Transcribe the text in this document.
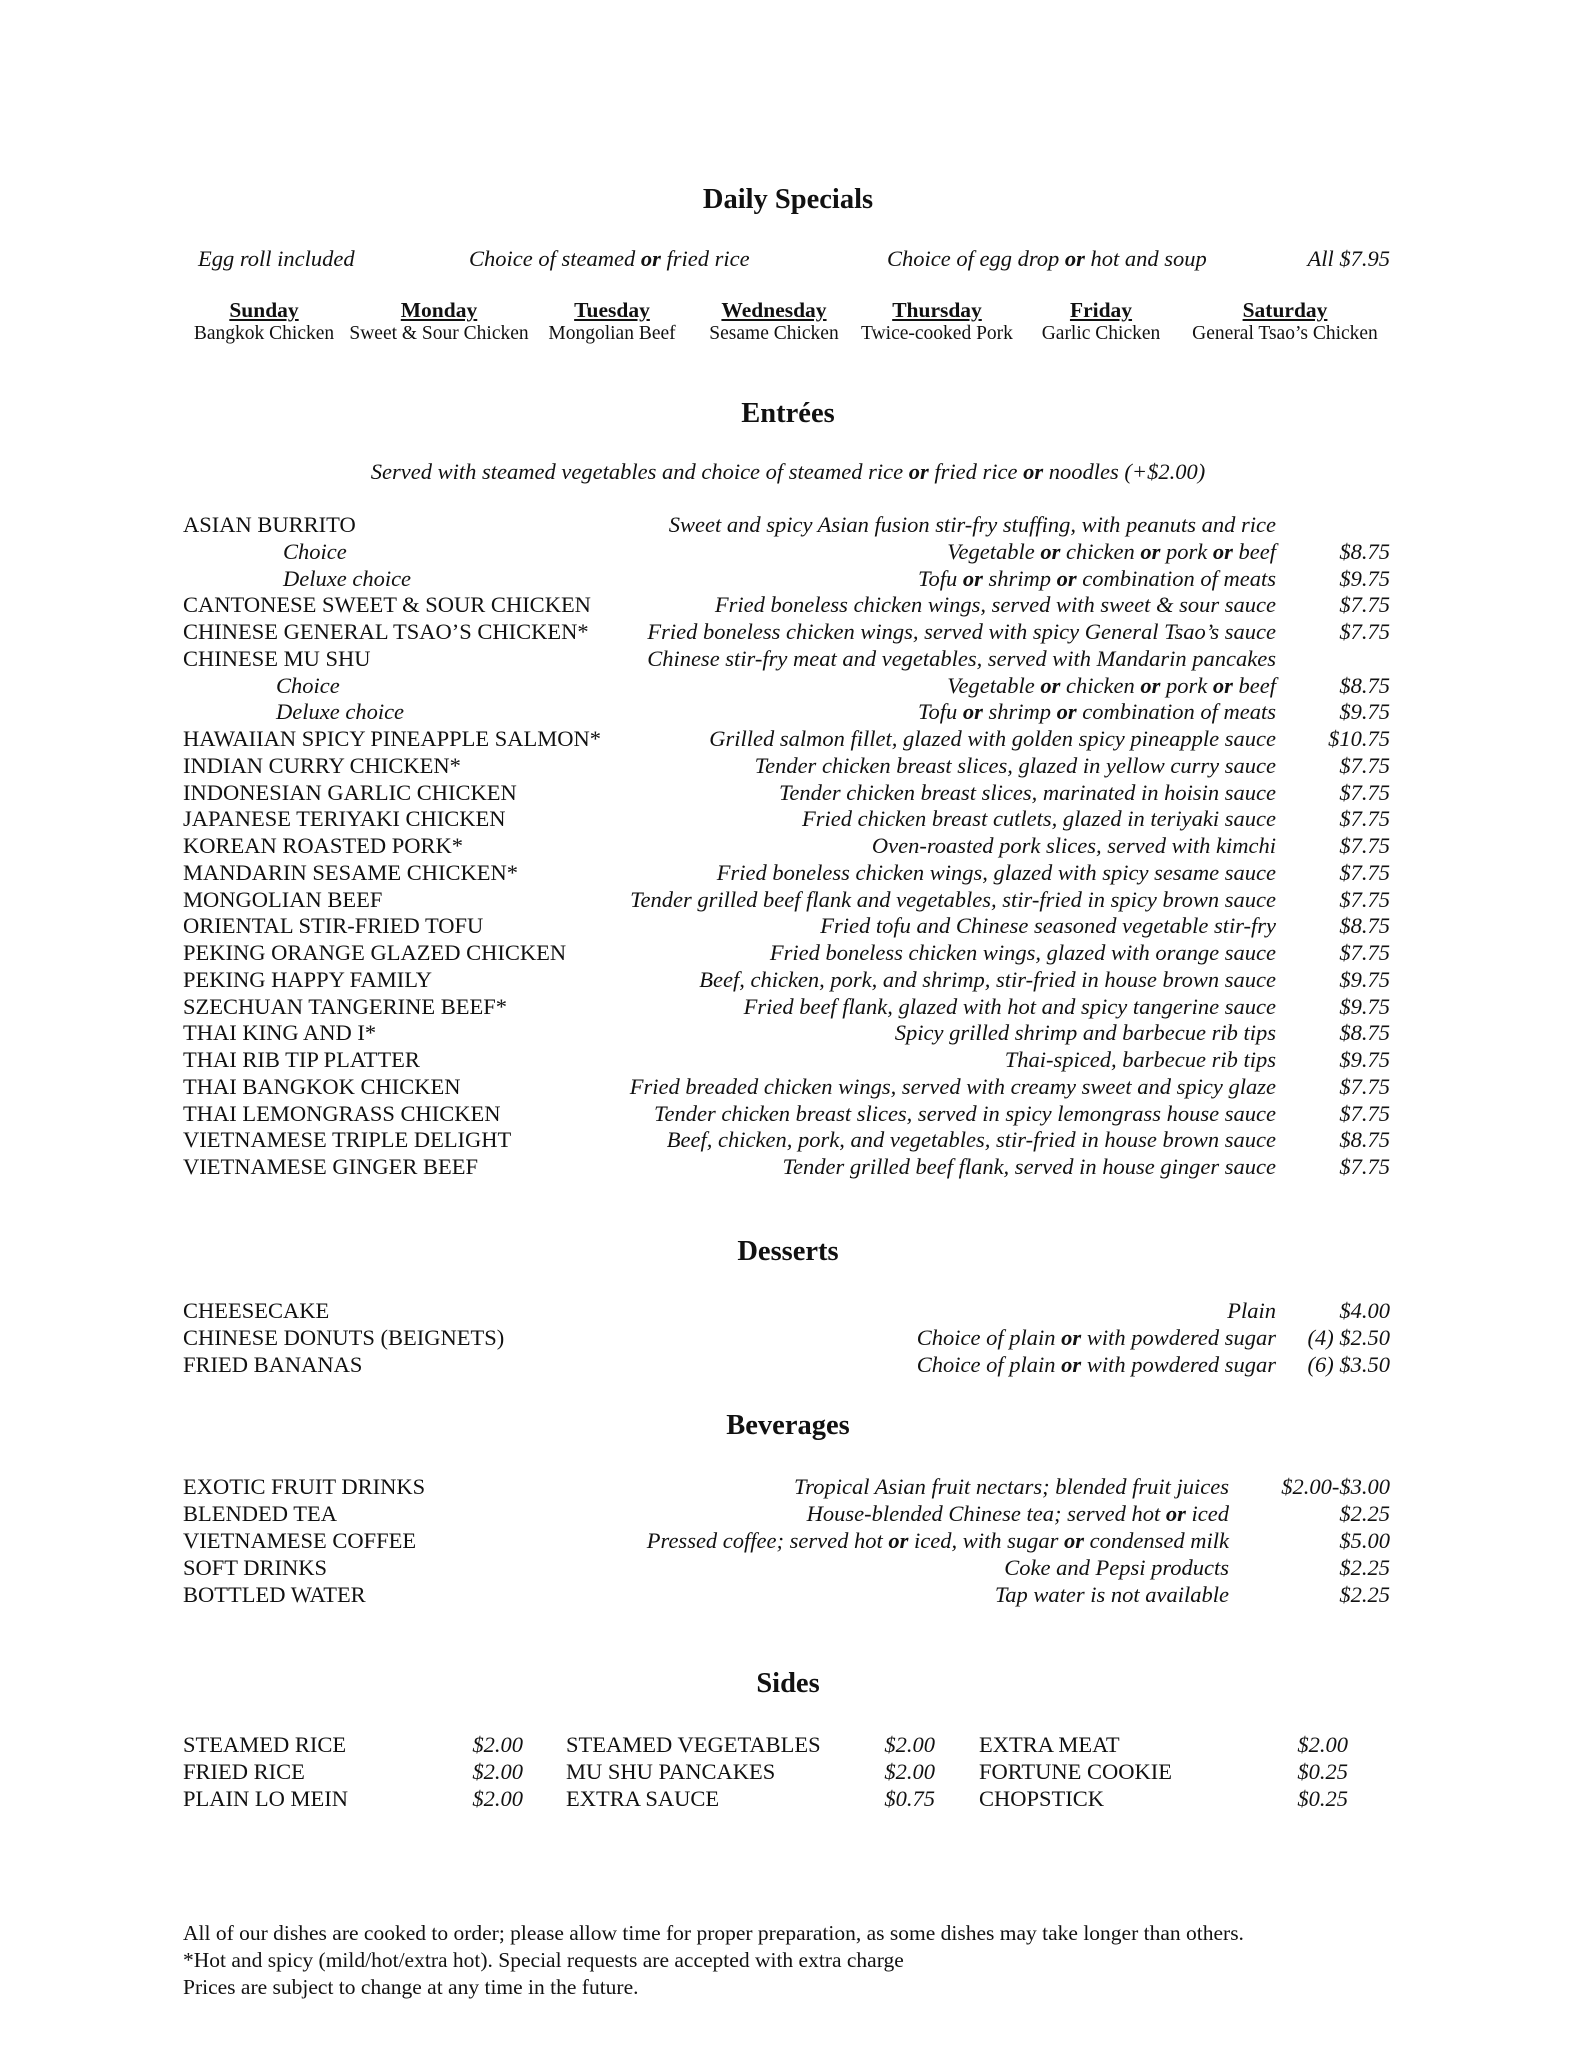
Daily Specials
Egg roll included	Choice of steamed or fried rice	Choice of egg drop or hot and soup	All $7.95
Sunday
Bangkok Chicken
Monday
Sweet & Sour Chicken
Tuesday
Mongolian Beef
Wednesday
Sesame Chicken
Thursday
Twice-cooked Pork
Friday
Garlic Chicken
Saturday
General Tsao’s Chicken
Entrées
Served with steamed vegetables and choice of steamed rice or fried rice or noodles (+$2.00)
ASIAN BURRITO	Sweet and spicy Asian fusion stir-fry stuffing, with peanuts and rice
Choice	Vegetable or chicken or pork or beef	$8.75
Deluxe choice	Tofu or shrimp or combination of meats	$9.75
CANTONESE SWEET & SOUR CHICKEN	Fried boneless chicken wings, served with sweet & sour sauce	$7.75
CHINESE GENERAL TSAO’S CHICKEN*	Fried boneless chicken wings, served with spicy General Tsao’s sauce	$7.75
CHINESE MU SHU	Chinese stir-fry meat and vegetables, served with Mandarin pancakes
Choice	Vegetable or chicken or pork or beef	$8.75
Deluxe choice	Tofu or shrimp or combination of meats	$9.75
HAWAIIAN SPICY PINEAPPLE SALMON*	Grilled salmon fillet, glazed with golden spicy pineapple sauce $10.75
INDIAN CURRY CHICKEN*	Tender chicken breast slices, glazed in yellow curry sauce	$7.75
INDONESIAN GARLIC CHICKEN	Tender chicken breast slices, marinated in hoisin sauce	$7.75
JAPANESE TERIYAKI CHICKEN	Fried chicken breast cutlets, glazed in teriyaki sauce	$7.75
KOREAN ROASTED PORK*	Oven-roasted pork slices, served with kimchi	$7.75
MANDARIN SESAME CHICKEN*	Fried boneless chicken wings, glazed with spicy sesame sauce	$7.75
MONGOLIAN BEEF	Tender grilled beef flank and vegetables, stir-fried in spicy brown sauce	$7.75
ORIENTAL STIR-FRIED TOFU	Fried tofu and Chinese seasoned vegetable stir-fry	$8.75
PEKING ORANGE GLAZED CHICKEN	Fried boneless chicken wings, glazed with orange sauce	$7.75
PEKING HAPPY FAMILY	Beef, chicken, pork, and shrimp, stir-fried in house brown sauce	$9.75
SZECHUAN TANGERINE BEEF*	Fried beef flank, glazed with hot and spicy tangerine sauce	$9.75
THAI KING AND I*	Spicy grilled shrimp and barbecue rib tips	$8.75
THAI RIB TIP PLATTER	Thai-spiced, barbecue rib tips	$9.75
THAI BANGKOK CHICKEN	Fried breaded chicken wings, served with creamy sweet and spicy glaze	$7.75
THAI LEMONGRASS CHICKEN	Tender chicken breast slices, served in spicy lemongrass house sauce	$7.75
VIETNAMESE TRIPLE DELIGHT	Beef, chicken, pork, and vegetables, stir-fried in house brown sauce	$8.75
VIETNAMESE GINGER BEEF	Tender grilled beef flank, served in house ginger sauce	$7.75
Desserts
CHEESECAKE	Plain	$4.00
CHINESE DONUTS (BEIGNETS)	Choice of plain or with powdered sugar (4) $2.50
FRIED BANANAS	Choice of plain or with powdered sugar (6) $3.50
Beverages
EXOTIC FRUIT DRINKS	Tropical Asian fruit nectars; blended fruit juices $2.00-$3.00
BLENDED TEA	House-blended Chinese tea; served hot or iced	$2.25
VIETNAMESE COFFEE	Pressed coffee; served hot or iced, with sugar or condensed milk	$5.00
SOFT DRINKS	Coke and Pepsi products	$2.25
BOTTLED WATER	Tap water is not available	$2.25
Sides
STEAMED RICE	$2.00
FRIED RICE	$2.00
PLAIN LO MEIN	$2.00
STEAMED VEGETABLES	$2.00
MU SHU PANCAKES	$2.00
EXTRA SAUCE	$0.75
EXTRA MEAT	$2.00
FORTUNE COOKIE	$0.25
CHOPSTICK	$0.25
All of our dishes are cooked to order; please allow time for proper preparation, as some dishes may take longer than others.
*Hot and spicy (mild/hot/extra hot). Special requests are accepted with extra charge
Prices are subject to change at any time in the future.
